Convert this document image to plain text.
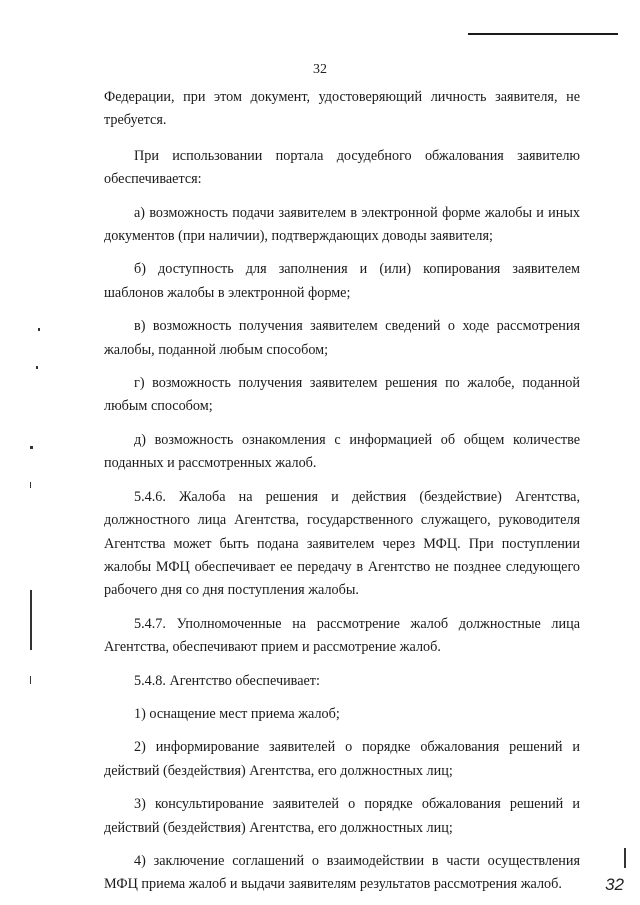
32

Федерации, при этом документ, удостоверяющий личность заявителя, не требуется.

При использовании портала досудебного обжалования заявителю обеспечивается:

а) возможность подачи заявителем в электронной форме жалобы и иных документов (при наличии), подтверждающих доводы заявителя;

б) доступность для заполнения и (или) копирования заявителем шаблонов жалобы в электронной форме;

в) возможность получения заявителем сведений о ходе рассмотрения жалобы, поданной любым способом;

г) возможность получения заявителем решения по жалобе, поданной любым способом;

д) возможность ознакомления с информацией об общем количестве поданных и рассмотренных жалоб.

5.4.6. Жалоба на решения и действия (бездействие) Агентства, должностного лица Агентства, государственного служащего, руководителя Агентства может быть подана заявителем через МФЦ. При поступлении жалобы МФЦ обеспечивает ее передачу в Агентство не позднее следующего рабочего дня со дня поступления жалобы.

5.4.7. Уполномоченные на рассмотрение жалоб должностные лица Агентства, обеспечивают прием и рассмотрение жалоб.

5.4.8. Агентство обеспечивает:

1) оснащение мест приема жалоб;

2) информирование заявителей о порядке обжалования решений и действий (бездействия) Агентства, его должностных лиц;

3) консультирование заявителей о порядке обжалования решений и действий (бездействия) Агентства, его должностных лиц;

4) заключение соглашений о взаимодействии в части осуществления МФЦ приема жалоб и выдачи заявителям результатов рассмотрения жалоб.	32
